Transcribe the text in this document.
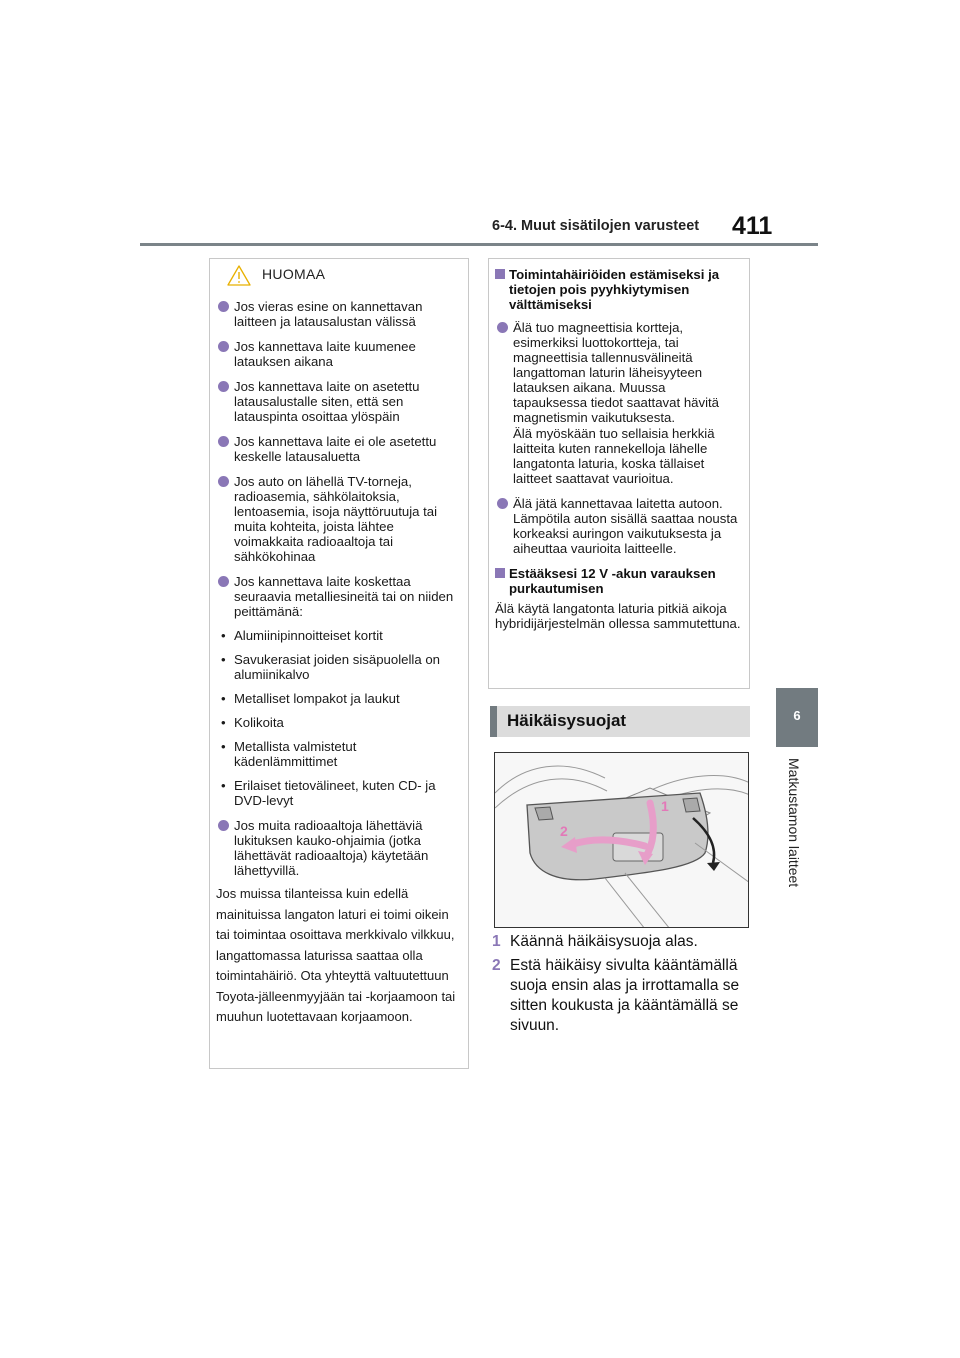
6-4. Muut sisätilojen varusteet 411
6
Matkustamon laitteet
HUOMAA
Jos vieras esine on kannettavan laitteen ja latausalustan välissä
Jos kannettava laite kuumenee latauksen aikana
Jos kannettava laite on asetettu latausalustalle siten, että sen latauspinta osoittaa ylöspäin
Jos kannettava laite ei ole asetettu keskelle latausaluetta
Jos auto on lähellä TV-torneja, radioasemia, sähkölaitoksia, lentoasemia, isoja näyttöruutuja tai muita kohteita, joista lähtee voimakkaita radioaaltoja tai sähkökohinaa
Jos kannettava laite koskettaa seuraavia metalliesineitä tai on niiden peittämänä:
• Alumiinipinnoitteiset kortit
• Savukerasiat joiden sisäpuolella on alumiinikalvo
• Metalliset lompakot ja laukut
• Kolikoita
• Metallista valmistetut kädenlämmittimet
• Erilaiset tietovälineet, kuten CD- ja DVD-levyt
Jos muita radioaaltoja lähettäviä lukituksen kauko-ohjaimia (jotka lähettävät radioaaltoja) käytetään lähettyvillä.
Jos muissa tilanteissa kuin edellä mainituissa langaton laturi ei toimi oikein tai toimintaa osoittava merkkivalo vilkkuu, langattomassa laturissa saattaa olla toimintahäiriö. Ota yhteyttä valtuutettuun Toyota-jälleenmyyjään tai -korjaamoon tai muuhun luotettavaan korjaamoon.
Toimintahäiriöiden estämiseksi ja tietojen pois pyyhkiytymisen välttämiseksi
Älä tuo magneettisia kortteja, esimerkiksi luottokortteja, tai magneettisia tallennusvälineitä langattoman laturin läheisyyteen latauksen aikana. Muussa tapauksessa tiedot saattavat hävitä magnetismin vaikutuksesta.
Älä myöskään tuo sellaisia herkkiä laitteita kuten rannekelloja lähelle langatonta laturia, koska tällaiset laitteet saattavat vaurioitua.
Älä jätä kannettavaa laitetta autoon. Lämpötila auton sisällä saattaa nousta korkeaksi auringon vaikutuksesta ja aiheuttaa vaurioita laitteelle.
Estääksesi 12 V -akun varauksen purkautumisen
Älä käytä langatonta laturia pitkiä aikoja hybridijärjestelmän ollessa sammutettuna.
Häikäisysuojat
1
2
1 Käännä häikäisysuoja alas.
2 Estä häikäisy sivulta kääntämällä suoja ensin alas ja irrottamalla se sitten koukusta ja kääntämällä se sivuun.
